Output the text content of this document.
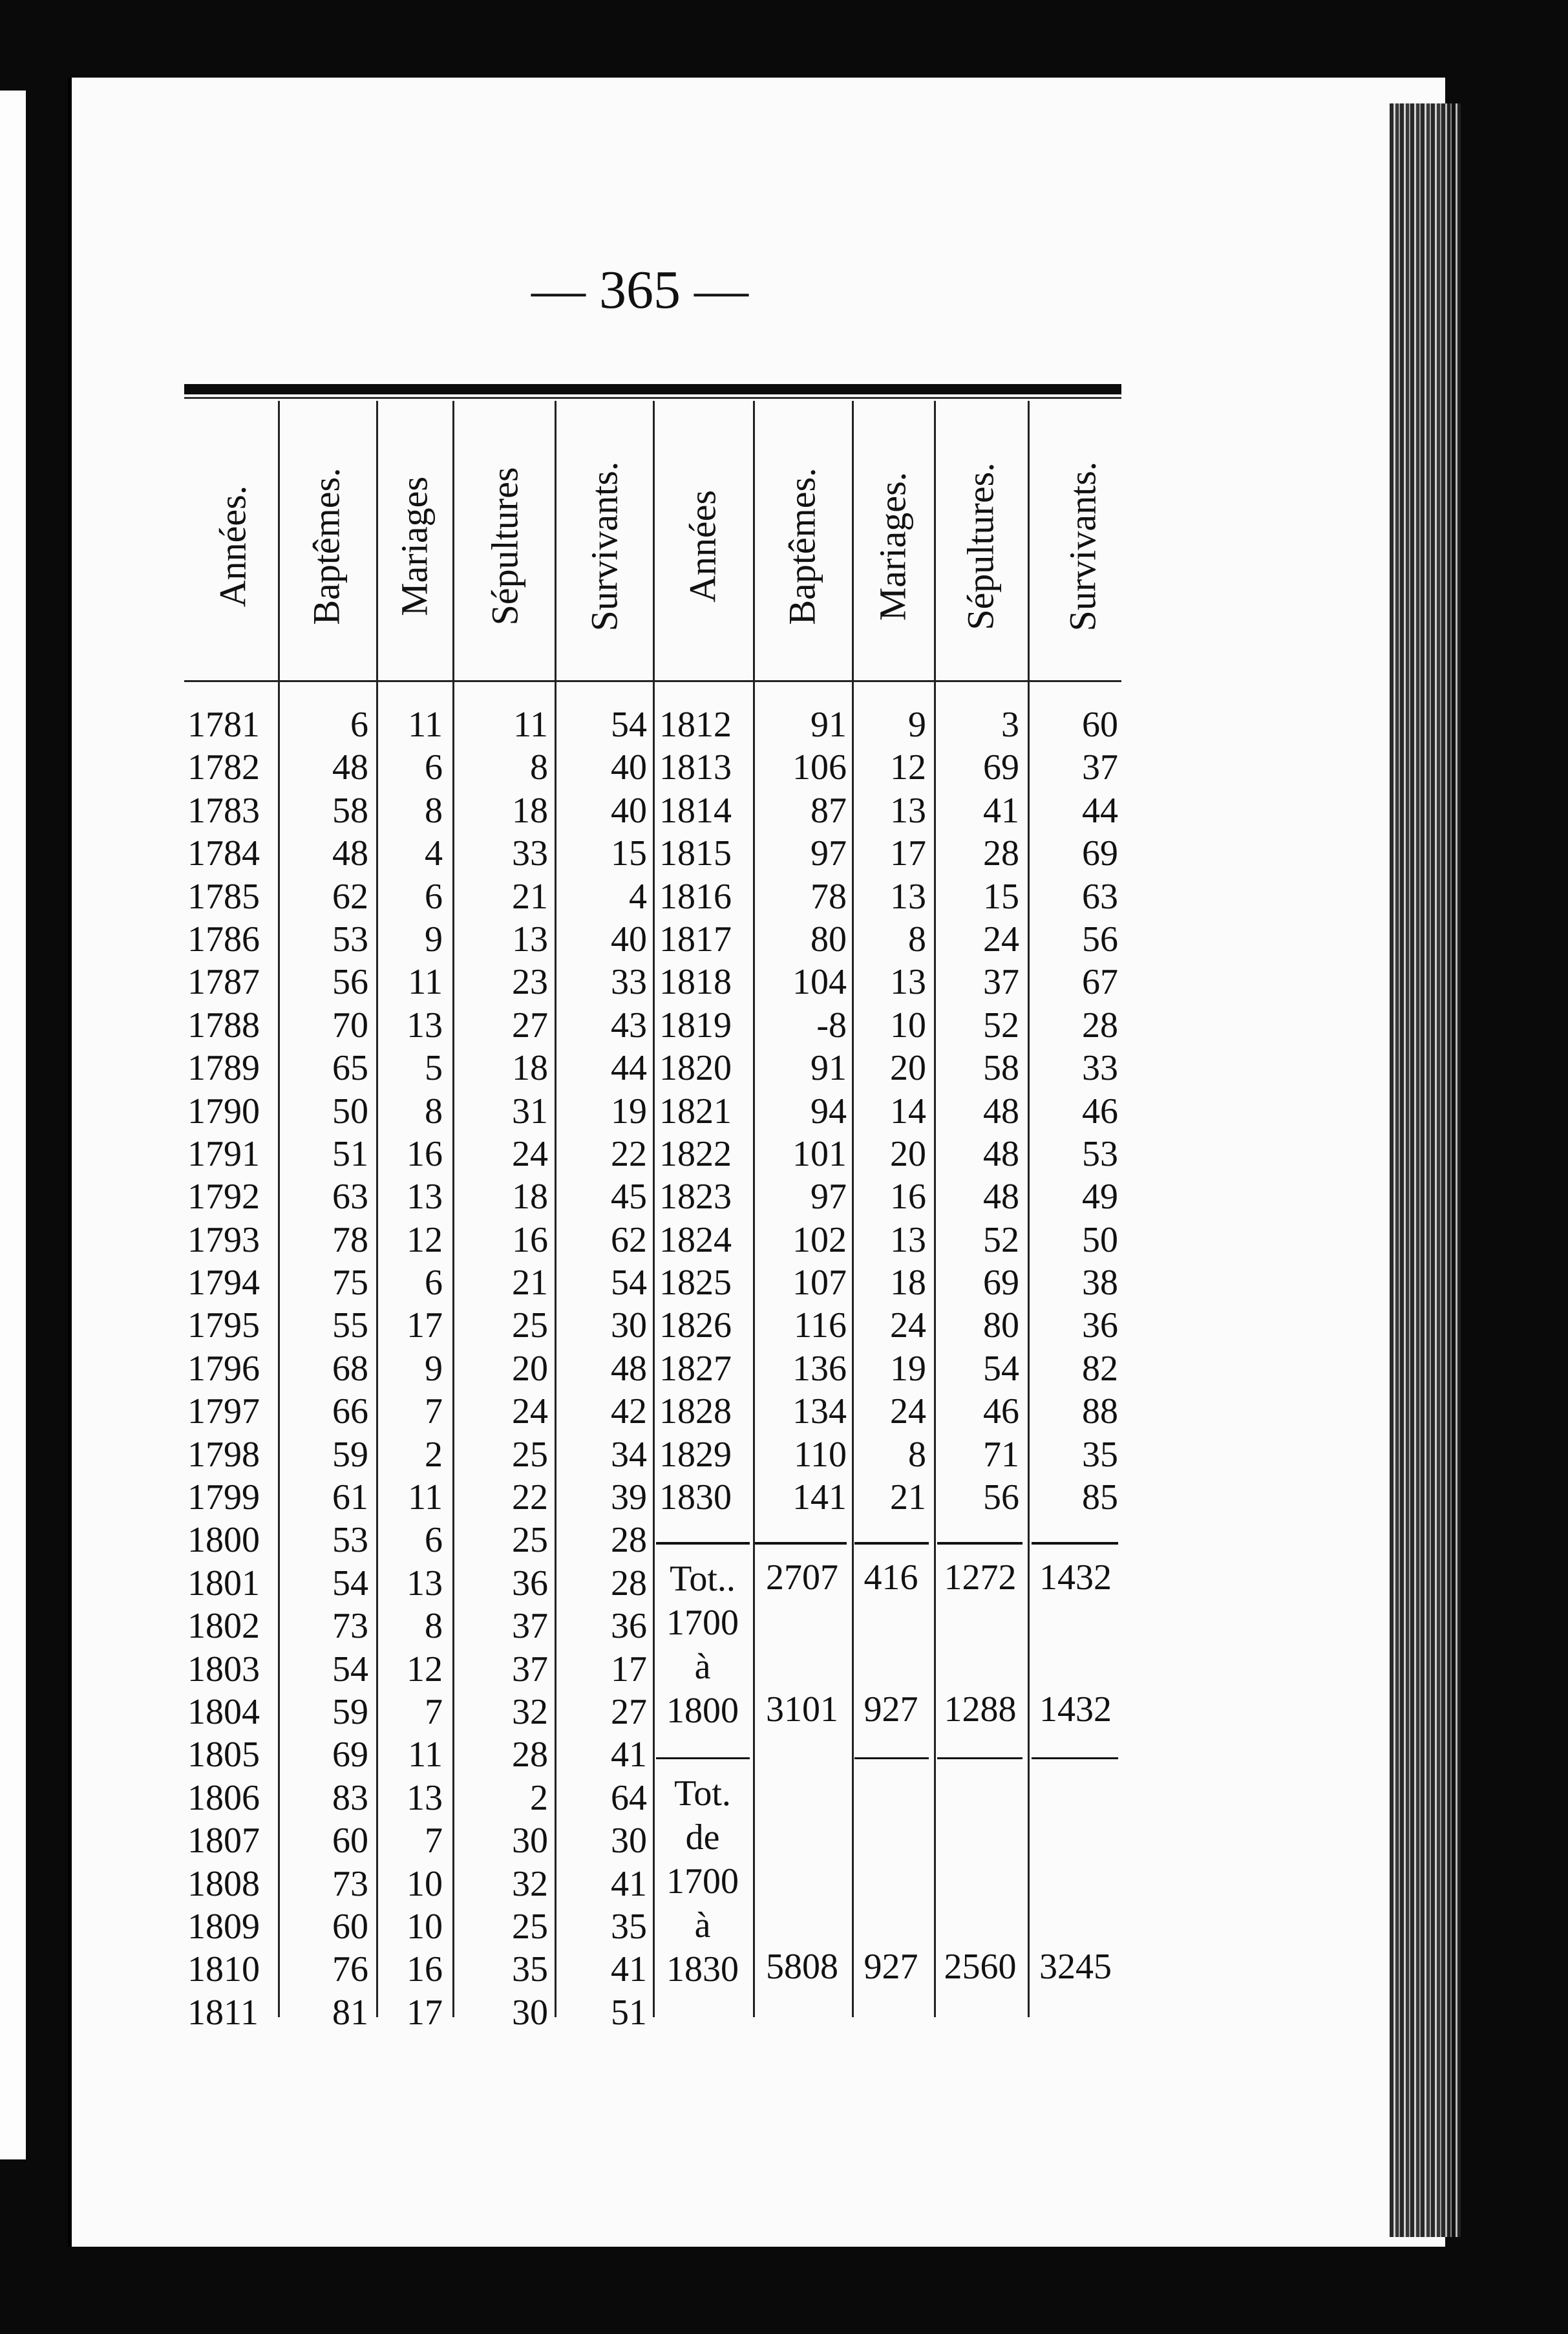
— 365 —
Années. Baptêmes. Mariages Sépultures Survivants. Années Baptêmes. Mariages. Sépultures. Survivants.
1781
1782
1783
1784
1785
1786
1787
1788
1789
1790
1791
1792
1793
1794
1795
1796
1797
1798
1799
1800
1801
1802
1803
1804
1805
1806
1807
1808
1809
1810
1811
6
48
58
48
62
53
56
70
65
50
51
63
78
75
55
68
66
59
61
53
54
73
54
59
69
83
60
73
60
76
81
11
6
8
4
6
9
11
13
5
8
16
13
12
6
17
9
7
2
11
6
13
8
12
7
11
13
7
10
10
16
17
11
8
18
33
21
13
23
27
18
31
24
18
16
21
25
20
24
25
22
25
36
37
37
32
28
2
30
32
25
35
30
54
40
40
15
4
40
33
43
44
19
22
45
62
54
30
48
42
34
39
28
28
36
17
27
41
64
30
41
35
41
51
1812
1813
1814
1815
1816
1817
1818
1819
1820
1821
1822
1823
1824
1825
1826
1827
1828
1829
1830
91
106
87
97
78
80
104
-8
91
94
101
97
102
107
116
136
134
110
141
9
12
13
17
13
8
13
10
20
14
20
16
13
18
24
19
24
8
21
3
69
41
28
15
24
37
52
58
48
48
48
52
69
80
54
46
71
56
60
37
44
69
63
56
67
28
33
46
53
49
50
38
36
82
88
35
85
Tot..
1700
à
1800
2707 416 1272 1432
3101 927 1288 1432
Tot.
de
1700
à
1830 5808 927 2560 3245
